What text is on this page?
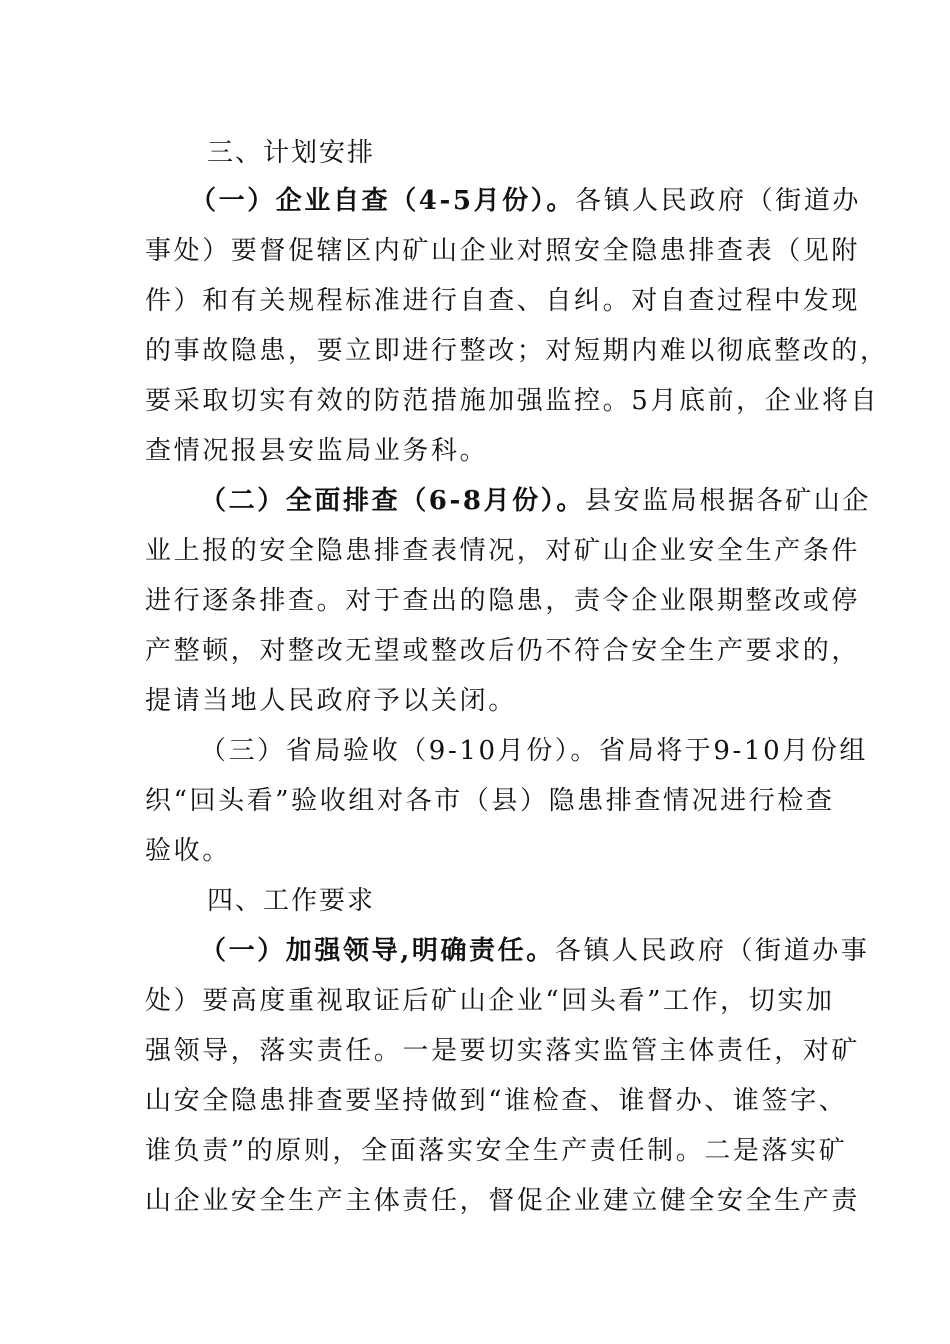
三、计划安排
（一）企业自查（4-5月份）。各镇人民政府（街道办
事处）要督促辖区内矿山企业对照安全隐患排查表（见附
件）和有关规程标准进行自查、自纠。对自查过程中发现
的事故隐患，要立即进行整改；对短期内难以彻底整改的，
要采取切实有效的防范措施加强监控。5月底前，企业将自
查情况报县安监局业务科。
（二）全面排查（6-8月份）。县安监局根据各矿山企
业上报的安全隐患排查表情况，对矿山企业安全生产条件
进行逐条排查。对于查出的隐患，责令企业限期整改或停
产整顿，对整改无望或整改后仍不符合安全生产要求的，
提请当地人民政府予以关闭。
（三）省局验收（9-10月份）。省局将于9-10月份组
织“回头看”验收组对各市（县）隐患排查情况进行检查
验收。
四、工作要求
（一）加强领导,明确责任。各镇人民政府（街道办事
处）要高度重视取证后矿山企业“回头看”工作，切实加
强领导，落实责任。一是要切实落实监管主体责任，对矿
山安全隐患排查要坚持做到“谁检查、谁督办、谁签字、
谁负责”的原则，全面落实安全生产责任制。二是落实矿
山企业安全生产主体责任，督促企业建立健全安全生产责
